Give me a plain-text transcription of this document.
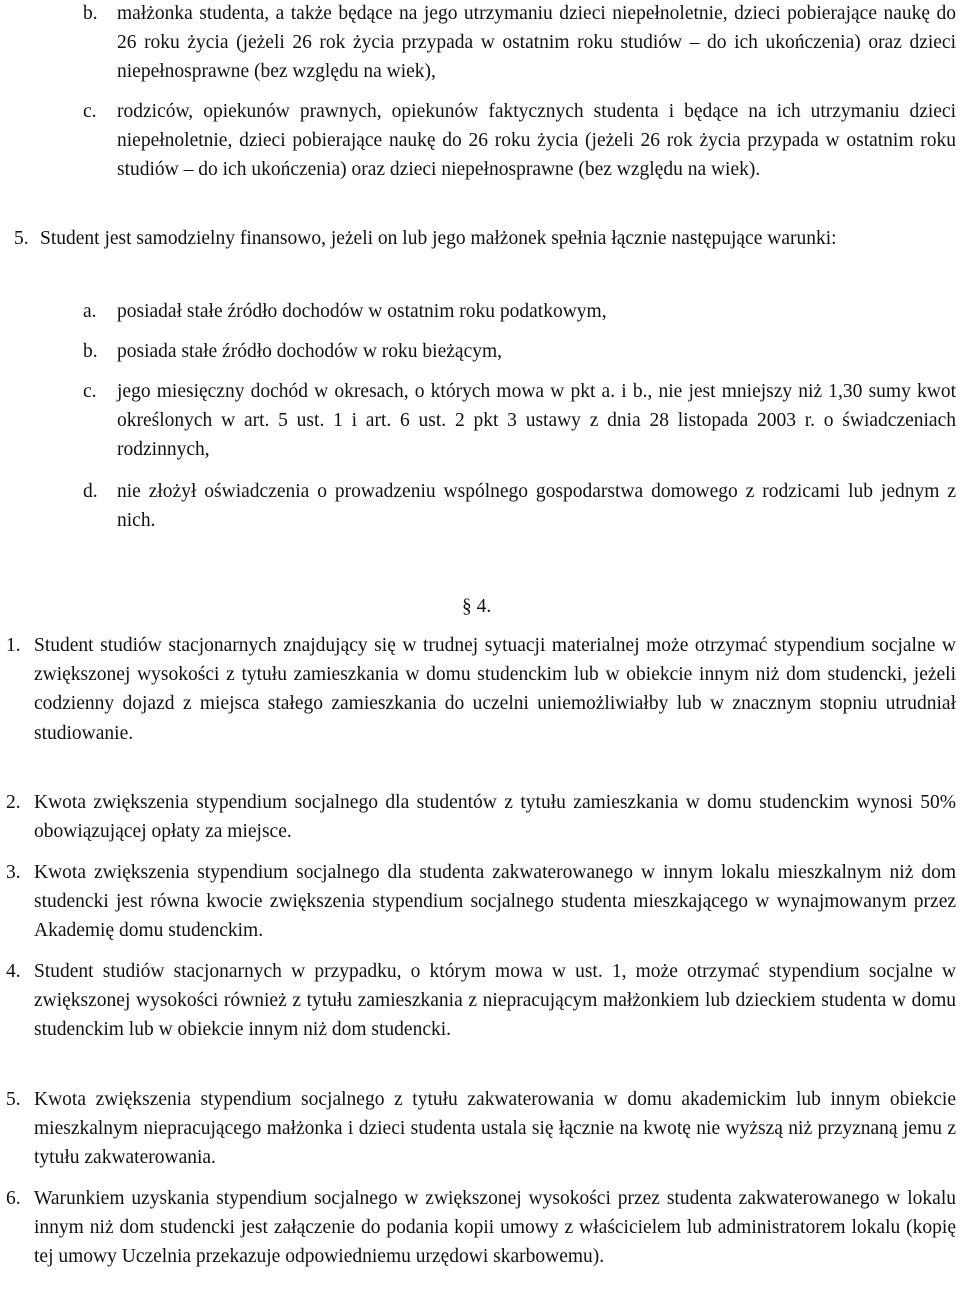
b. małżonka studenta, a także będące na jego utrzymaniu dzieci niepełnoletnie, dzieci pobierające naukę do 26 roku życia (jeżeli 26 rok życia przypada w ostatnim roku studiów – do ich ukończenia) oraz dzieci niepełnosprawne (bez względu na wiek),
c.	rodziców, opiekunów prawnych, opiekunów faktycznych studenta i będące na ich utrzymaniu dzieci niepełnoletnie, dzieci pobierające naukę do 26 roku życia (jeżeli 26 rok życia przypada w ostatnim roku studiów – do ich ukończenia) oraz dzieci niepełnosprawne (bez względu na wiek).
5. Student jest samodzielny finansowo, jeżeli on lub jego małżonek spełnia łącznie następujące warunki:
a.	posiadał stałe źródło dochodów w ostatnim roku podatkowym,
b. posiada stałe źródło dochodów w roku bieżącym,
c.	jego miesięczny dochód w okresach, o których mowa w pkt a. i b., nie jest mniejszy niż 1,30 sumy kwot określonych w art. 5 ust. 1 i art. 6 ust. 2 pkt 3 ustawy z dnia 28 listopada 2003 r. o świadczeniach rodzinnych,
d. nie złożył oświadczenia o prowadzeniu wspólnego gospodarstwa domowego z rodzicami lub jednym z nich.
§ 4.
1. Student studiów stacjonarnych znajdujący się w trudnej sytuacji materialnej może otrzymać stypendium socjalne w zwiększonej wysokości z tytułu zamieszkania w domu studenckim lub w obiekcie innym niż dom studencki, jeżeli codzienny dojazd z miejsca stałego zamieszkania do uczelni uniemożliwiałby lub w znacznym stopniu utrudniał studiowanie.
2. Kwota zwiększenia stypendium socjalnego dla studentów z tytułu zamieszkania w domu studenckim wynosi 50% obowiązującej opłaty za miejsce.
3. Kwota zwiększenia stypendium socjalnego dla studenta zakwaterowanego w innym lokalu mieszkalnym niż dom studencki jest równa kwocie zwiększenia stypendium socjalnego studenta mieszkającego w wynajmowanym przez Akademię domu studenckim.
4. Student studiów stacjonarnych w przypadku, o którym mowa w ust. 1, może otrzymać stypendium socjalne w zwiększonej wysokości również z tytułu zamieszkania z niepracującym małżonkiem lub dzieckiem studenta w domu studenckim lub w obiekcie innym niż dom studencki.
5. Kwota zwiększenia stypendium socjalnego z tytułu zakwaterowania w domu akademickim lub innym obiekcie mieszkalnym niepracującego małżonka i dzieci studenta ustala się łącznie na kwotę nie wyższą niż przyznaną jemu z tytułu zakwaterowania.
6. Warunkiem uzyskania stypendium socjalnego w zwiększonej wysokości przez studenta zakwaterowanego w lokalu innym niż dom studencki jest załączenie do podania kopii umowy z właścicielem lub administratorem lokalu (kopię tej umowy Uczelnia przekazuje odpowiedniemu urzędowi skarbowemu).
